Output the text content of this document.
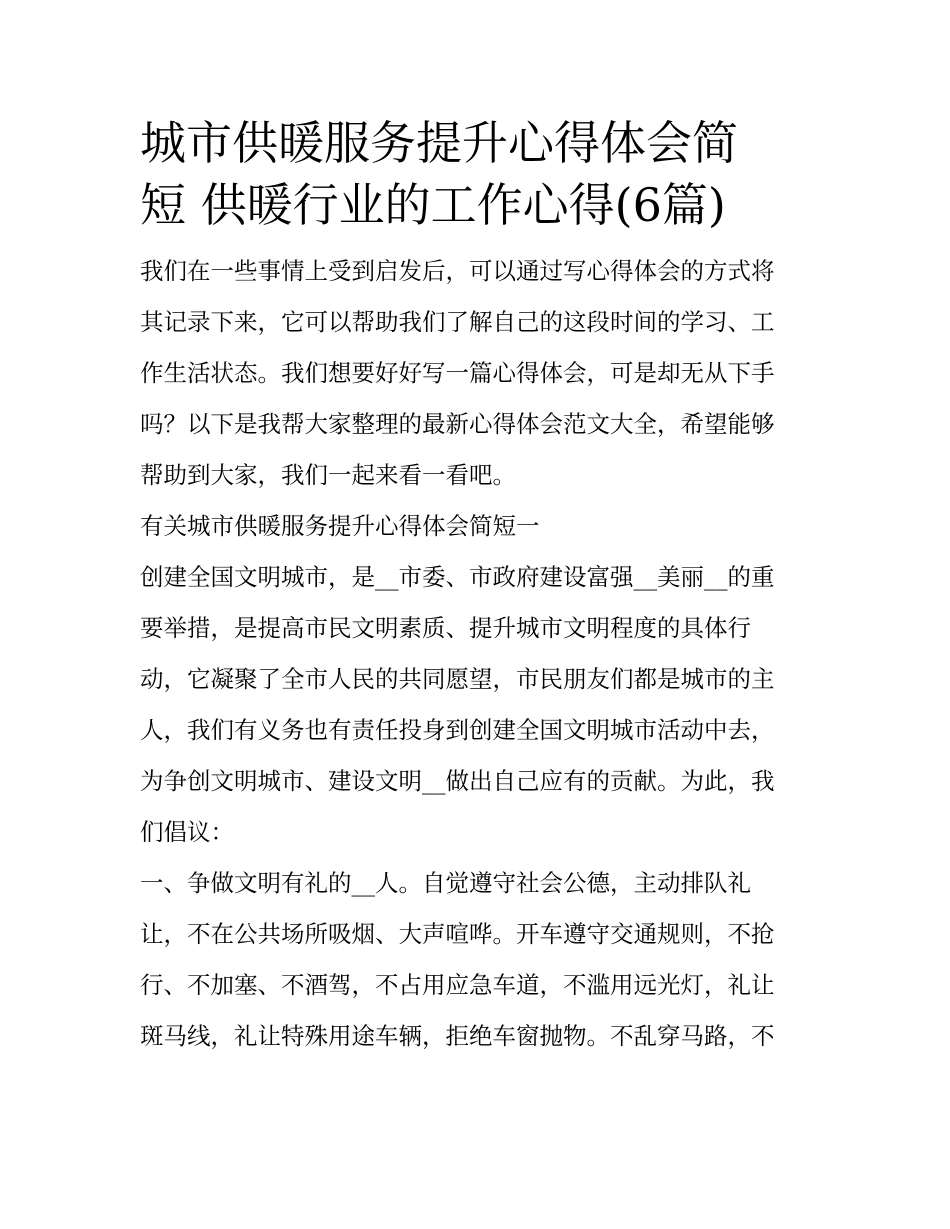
城市供暖服务提升心得体会简
短 供暖行业的工作心得(6篇)
我们在一些事情上受到启发后，可以通过写心得体会的方式将
其记录下来，它可以帮助我们了解自己的这段时间的学习、工
作生活状态。我们想要好好写一篇心得体会，可是却无从下手
吗？以下是我帮大家整理的最新心得体会范文大全，希望能够
帮助到大家，我们一起来看一看吧。
有关城市供暖服务提升心得体会简短一
创建全国文明城市，是__市委、市政府建设富强__美丽__的重
要举措，是提高市民文明素质、提升城市文明程度的具体行
动，它凝聚了全市人民的共同愿望，市民朋友们都是城市的主
人，我们有义务也有责任投身到创建全国文明城市活动中去，
为争创文明城市、建设文明__做出自己应有的贡献。为此，我
们倡议：
一、争做文明有礼的__人。自觉遵守社会公德，主动排队礼
让，不在公共场所吸烟、大声喧哗。开车遵守交通规则，不抢
行、不加塞、不酒驾，不占用应急车道，不滥用远光灯，礼让
斑马线，礼让特殊用途车辆，拒绝车窗抛物。不乱穿马路，不
